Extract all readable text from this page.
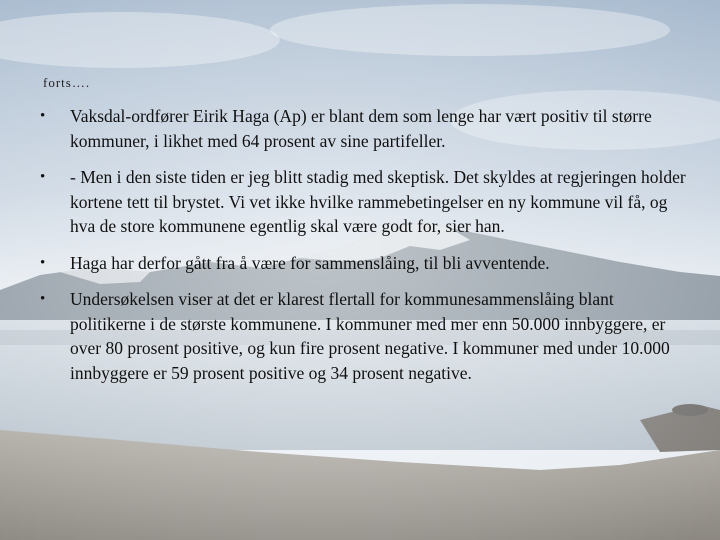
forts….
• Vaksdal-ordfører Eirik Haga (Ap) er blant dem som lenge har vært positiv til større kommuner, i likhet med 64 prosent av sine partifeller.
• - Men i den siste tiden er jeg blitt stadig med skeptisk. Det skyldes at regjeringen holder kortene tett til brystet. Vi vet ikke hvilke rammebetingelser en ny kommune vil få, og hva de store kommunene egentlig skal være godt for, sier han.
• Haga har derfor gått fra å være for sammenslåing, til bli avventende.
• Undersøkelsen viser at det er klarest flertall for kommunesammenslåing blant politikerne i de største kommunene. I kommuner med mer enn 50.000 innbyggere, er over 80 prosent positive, og kun fire prosent negative. I kommuner med under 10.000 innbyggere er 59 prosent positive og 34 prosent negative.
